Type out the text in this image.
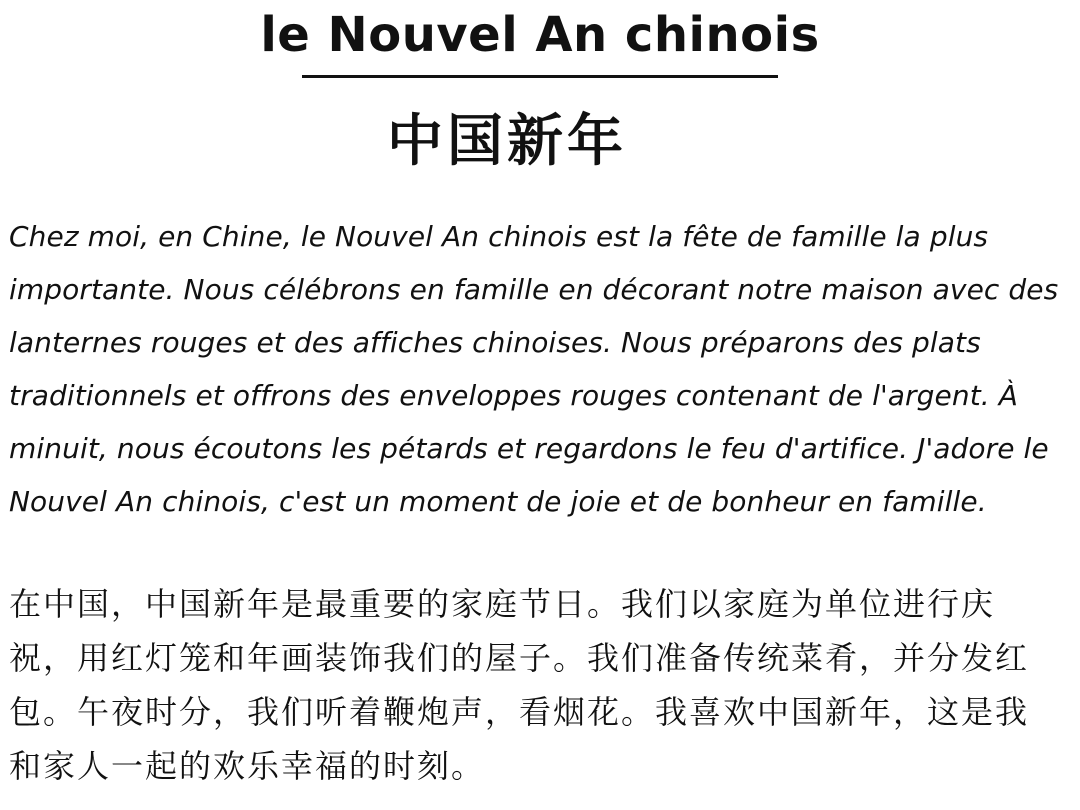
le Nouvel An chinois
中国新年

Chez moi, en Chine, le Nouvel An chinois est la fête de famille la plus importante. Nous célébrons en famille en décorant notre maison avec des lanternes rouges et des affiches chinoises. Nous préparons des plats traditionnels et offrons des enveloppes rouges contenant de l'argent. À minuit, nous écoutons les pétards et regardons le feu d'artifice. J'adore le Nouvel An chinois, c'est un moment de joie et de bonheur en famille.

在中国，中国新年是最重要的家庭节日。我们以家庭为单位进行庆祝，用红灯笼和年画装饰我们的屋子。我们准备传统菜肴，并分发红包。午夜时分，我们听着鞭炮声，看烟花。我喜欢中国新年，这是我和家人一起的欢乐幸福的时刻。
